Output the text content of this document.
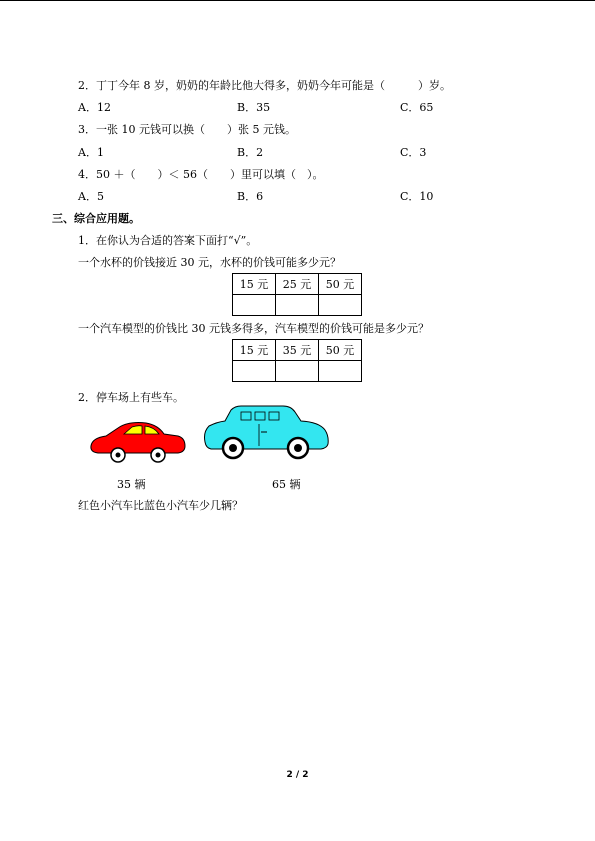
2．丁丁今年 8 岁，奶奶的年龄比他大得多，奶奶今年可能是（　　　）岁。
A．12	B．35	C．65
3．一张 10 元钱可以换（　　）张 5 元钱。
A．1	B．2	C．3
4．50 ＋（　　）＜ 56（　　）里可以填（　）。
A．5	B．6	C．10
三、综合应用题。
1．在你认为合适的答案下面打“√”。
一个水杯的价钱接近 30 元，水杯的价钱可能多少元？
15 元	25 元	50 元

一个汽车模型的价钱比 30 元钱多得多，汽车模型的价钱可能是多少元？
15 元	35 元	50 元

2．停车场上有些车。
35 辆	65 辆
红色小汽车比蓝色小汽车少几辆？
2 / 2
